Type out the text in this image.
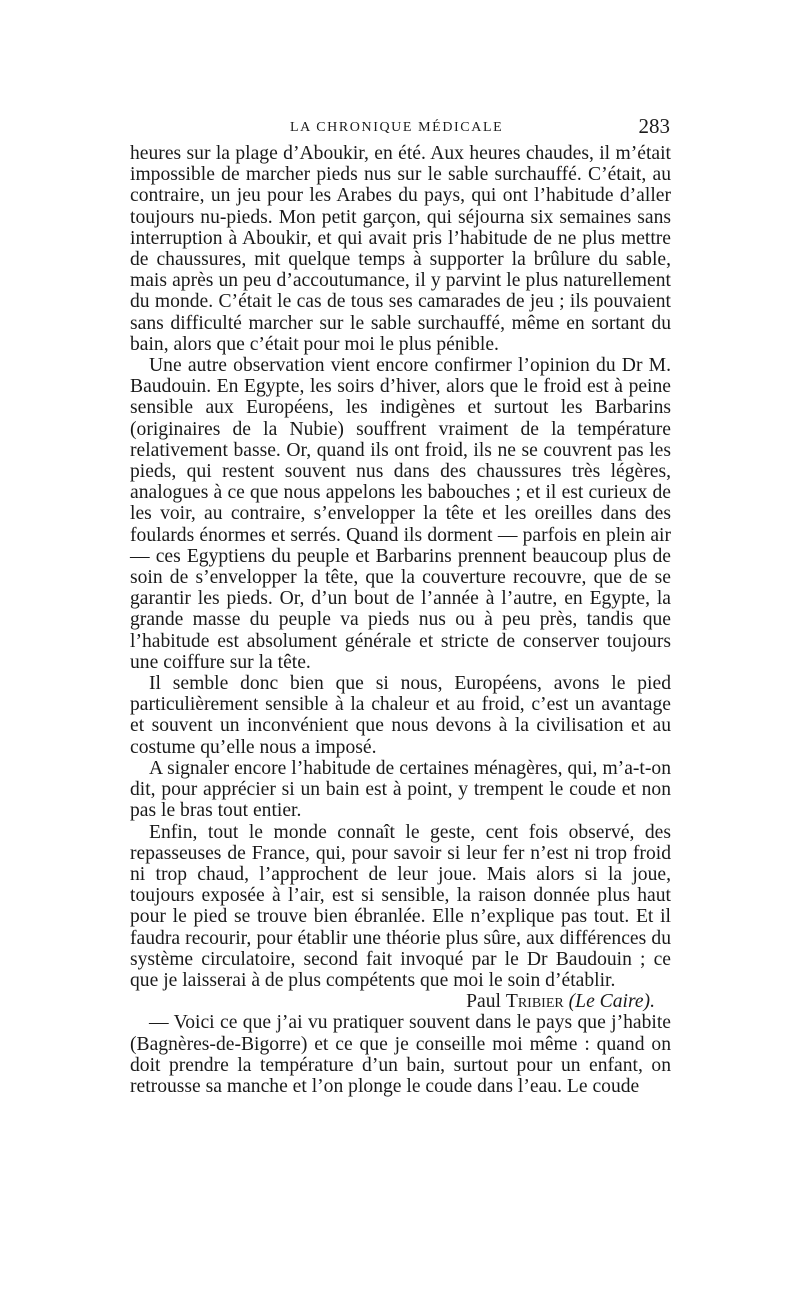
LA CHRONIQUE MÉDICALE	283

heures sur la plage d’Aboukir, en été. Aux heures chaudes, il m’était impossible de marcher pieds nus sur le sable surchauffé. C’était, au contraire, un jeu pour les Arabes du pays, qui ont l’habitude d’aller toujours nu-pieds. Mon petit garçon, qui séjourna six semaines sans interruption à Aboukir, et qui avait pris l’habitude de ne plus mettre de chaussures, mit quelque temps à supporter la brûlure du sable, mais après un peu d’accoutumance, il y parvint le plus naturellement du monde. C’était le cas de tous ses camarades de jeu ; ils pouvaient sans difficulté marcher sur le sable surchauffé, même en sortant du bain, alors que c’était pour moi le plus pénible.

Une autre observation vient encore confirmer l’opinion du Dr M. Baudouin. En Egypte, les soirs d’hiver, alors que le froid est à peine sensible aux Européens, les indigènes et surtout les Barbarins (originaires de la Nubie) souffrent vraiment de la température relativement basse. Or, quand ils ont froid, ils ne se couvrent pas les pieds, qui restent souvent nus dans des chaussures très légères, analogues à ce que nous appelons les babouches ; et il est curieux de les voir, au contraire, s’envelopper la tête et les oreilles dans des foulards énormes et serrés. Quand ils dorment — parfois en plein air — ces Egyptiens du peuple et Barbarins prennent beaucoup plus de soin de s’envelopper la tête, que la couverture recouvre, que de se garantir les pieds. Or, d’un bout de l’année à l’autre, en Egypte, la grande masse du peuple va pieds nus ou à peu près, tandis que l’habitude est absolument générale et stricte de conserver toujours une coiffure sur la tête.

Il semble donc bien que si nous, Européens, avons le pied particulièrement sensible à la chaleur et au froid, c’est un avantage et souvent un inconvénient que nous devons à la civilisation et au costume qu’elle nous a imposé.

A signaler encore l’habitude de certaines ménagères, qui, m’a-t-on dit, pour apprécier si un bain est à point, y trempent le coude et non pas le bras tout entier.

Enfin, tout le monde connaît le geste, cent fois observé, des repasseuses de France, qui, pour savoir si leur fer n’est ni trop froid ni trop chaud, l’approchent de leur joue. Mais alors si la joue, toujours exposée à l’air, est si sensible, la raison donnée plus haut pour le pied se trouve bien ébranlée. Elle n’explique pas tout. Et il faudra recourir, pour établir une théorie plus sûre, aux différences du système circulatoire, second fait invoqué par le Dr Baudouin ; ce que je laisserai à de plus compétents que moi le soin d’établir.

Paul Tribier (Le Caire).

— Voici ce que j’ai vu pratiquer souvent dans le pays que j’habite (Bagnères-de-Bigorre) et ce que je conseille moi même : quand on doit prendre la température d’un bain, surtout pour un enfant, on retrousse sa manche et l’on plonge le coude dans l’eau. Le coude
